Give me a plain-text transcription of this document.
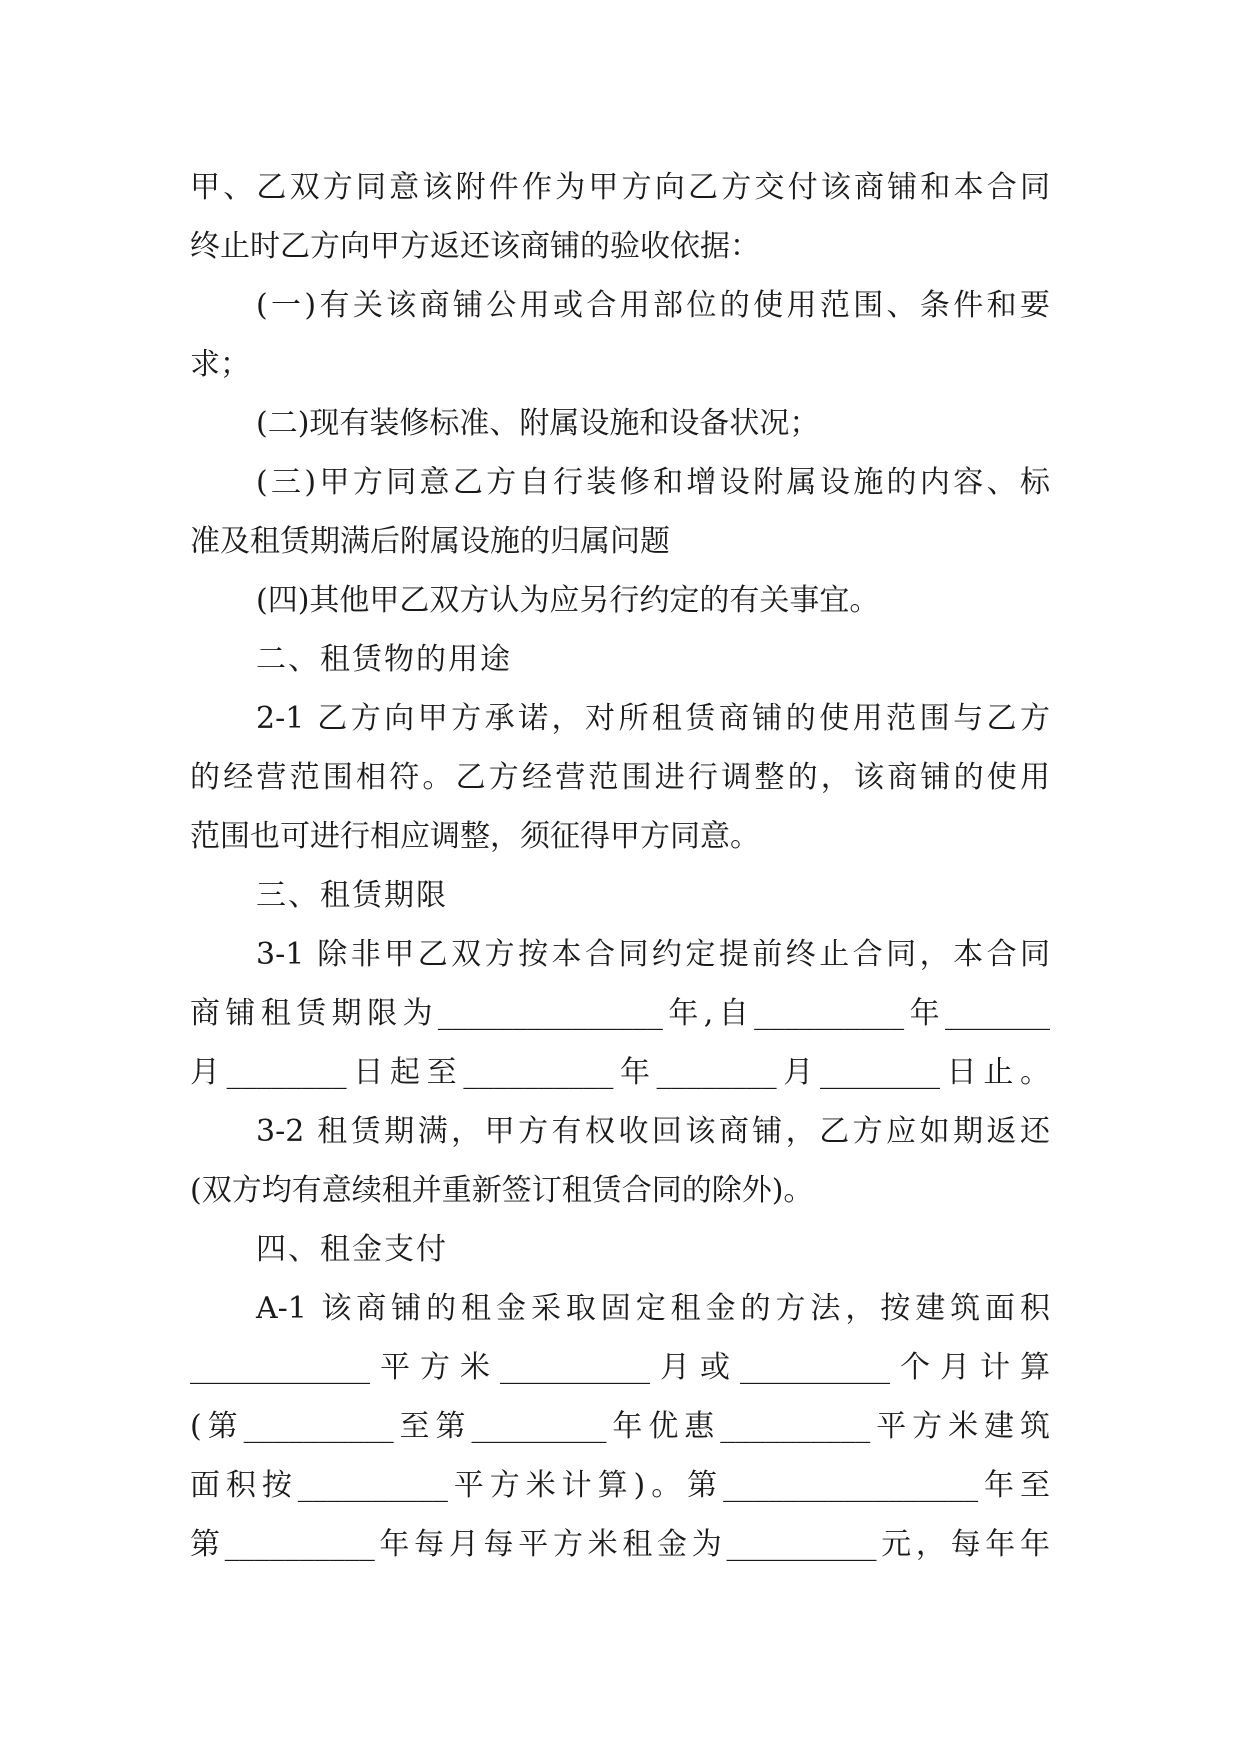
甲、乙双方同意该附件作为甲方向乙方交付该商铺和本合同
终止时乙方向甲方返还该商铺的验收依据：
(一)有关该商铺公用或合用部位的使用范围、条件和要
求；
(二)现有装修标准、附属设施和设备状况；
(三)甲方同意乙方自行装修和增设附属设施的内容、标
准及租赁期满后附属设施的归属问题
(四)其他甲乙双方认为应另行约定的有关事宜。
二、租赁物的用途
2-1 乙方向甲方承诺，对所租赁商铺的使用范围与乙方
的经营范围相符。乙方经营范围进行调整的，该商铺的使用
范围也可进行相应调整，须征得甲方同意。
三、租赁期限
3-1 除非甲乙双方按本合同约定提前终止合同，本合同
商铺租赁期限为_______________年,自__________年_______
月________日起至__________年________月________日止。
3-2 租赁期满，甲方有权收回该商铺，乙方应如期返还
(双方均有意续租并重新签订租赁合同的除外)。
四、租金支付
A-1 该商铺的租金采取固定租金的方法，按建筑面积
____________平方米__________月或__________个月计算
(第__________至第_________年优惠__________平方米建筑
面积按__________平方米计算)。第_________________年至
第__________年每月每平方米租金为__________元，每年年
